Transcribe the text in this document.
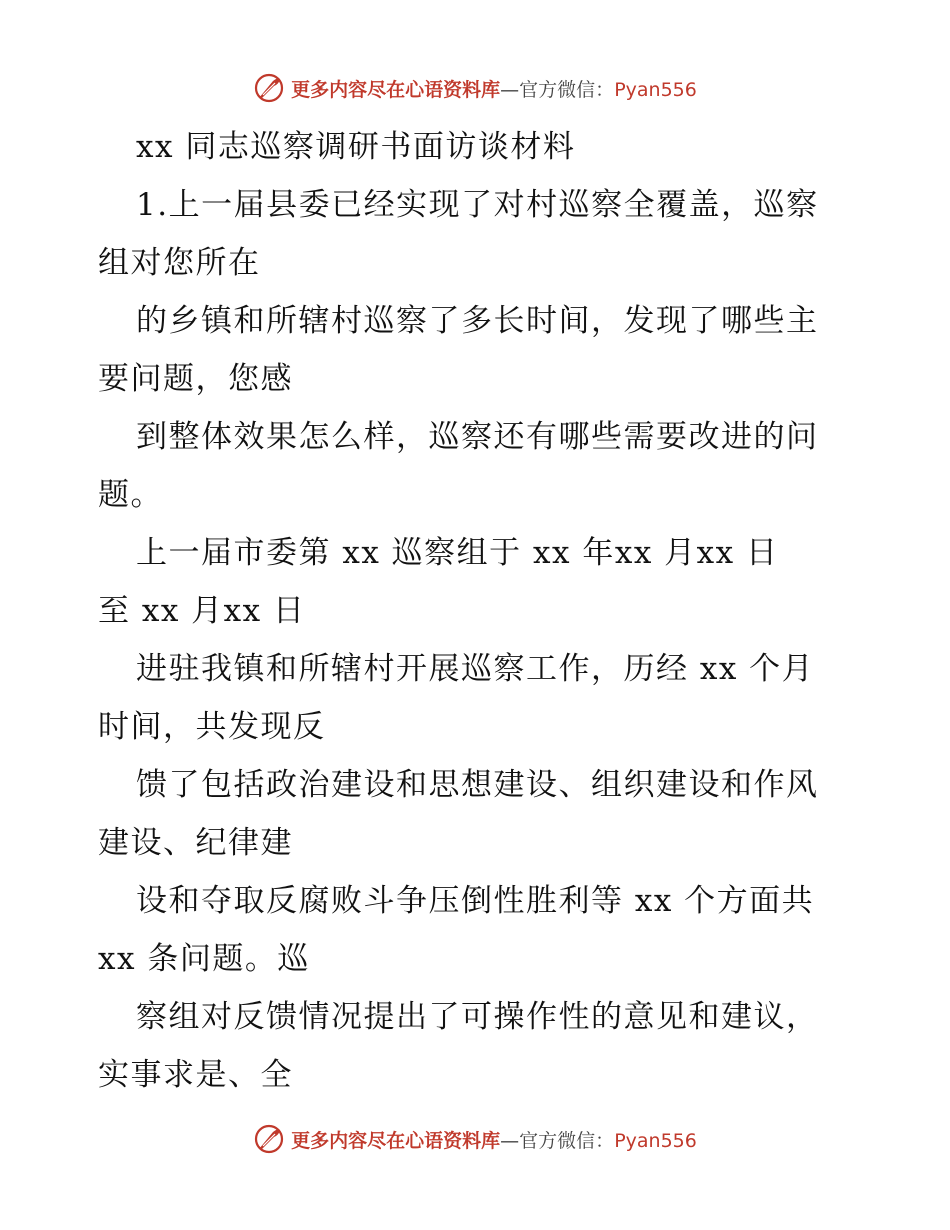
更多内容尽在心语资料库—官方微信：Pyan556
xx 同志巡察调研书面访谈材料
1.上一届县委已经实现了对村巡察全覆盖，巡察
组对您所在
的乡镇和所辖村巡察了多长时间，发现了哪些主
要问题，您感
到整体效果怎么样，巡察还有哪些需要改进的问
题。
上一届市委第 xx 巡察组于 xx 年xx 月xx 日
至 xx 月xx 日
进驻我镇和所辖村开展巡察工作，历经 xx 个月
时间，共发现反
馈了包括政治建设和思想建设、组织建设和作风
建设、纪律建
设和夺取反腐败斗争压倒性胜利等 xx 个方面共
xx 条问题。巡
察组对反馈情况提出了可操作性的意见和建议，
实事求是、全
更多内容尽在心语资料库—官方微信：Pyan556
